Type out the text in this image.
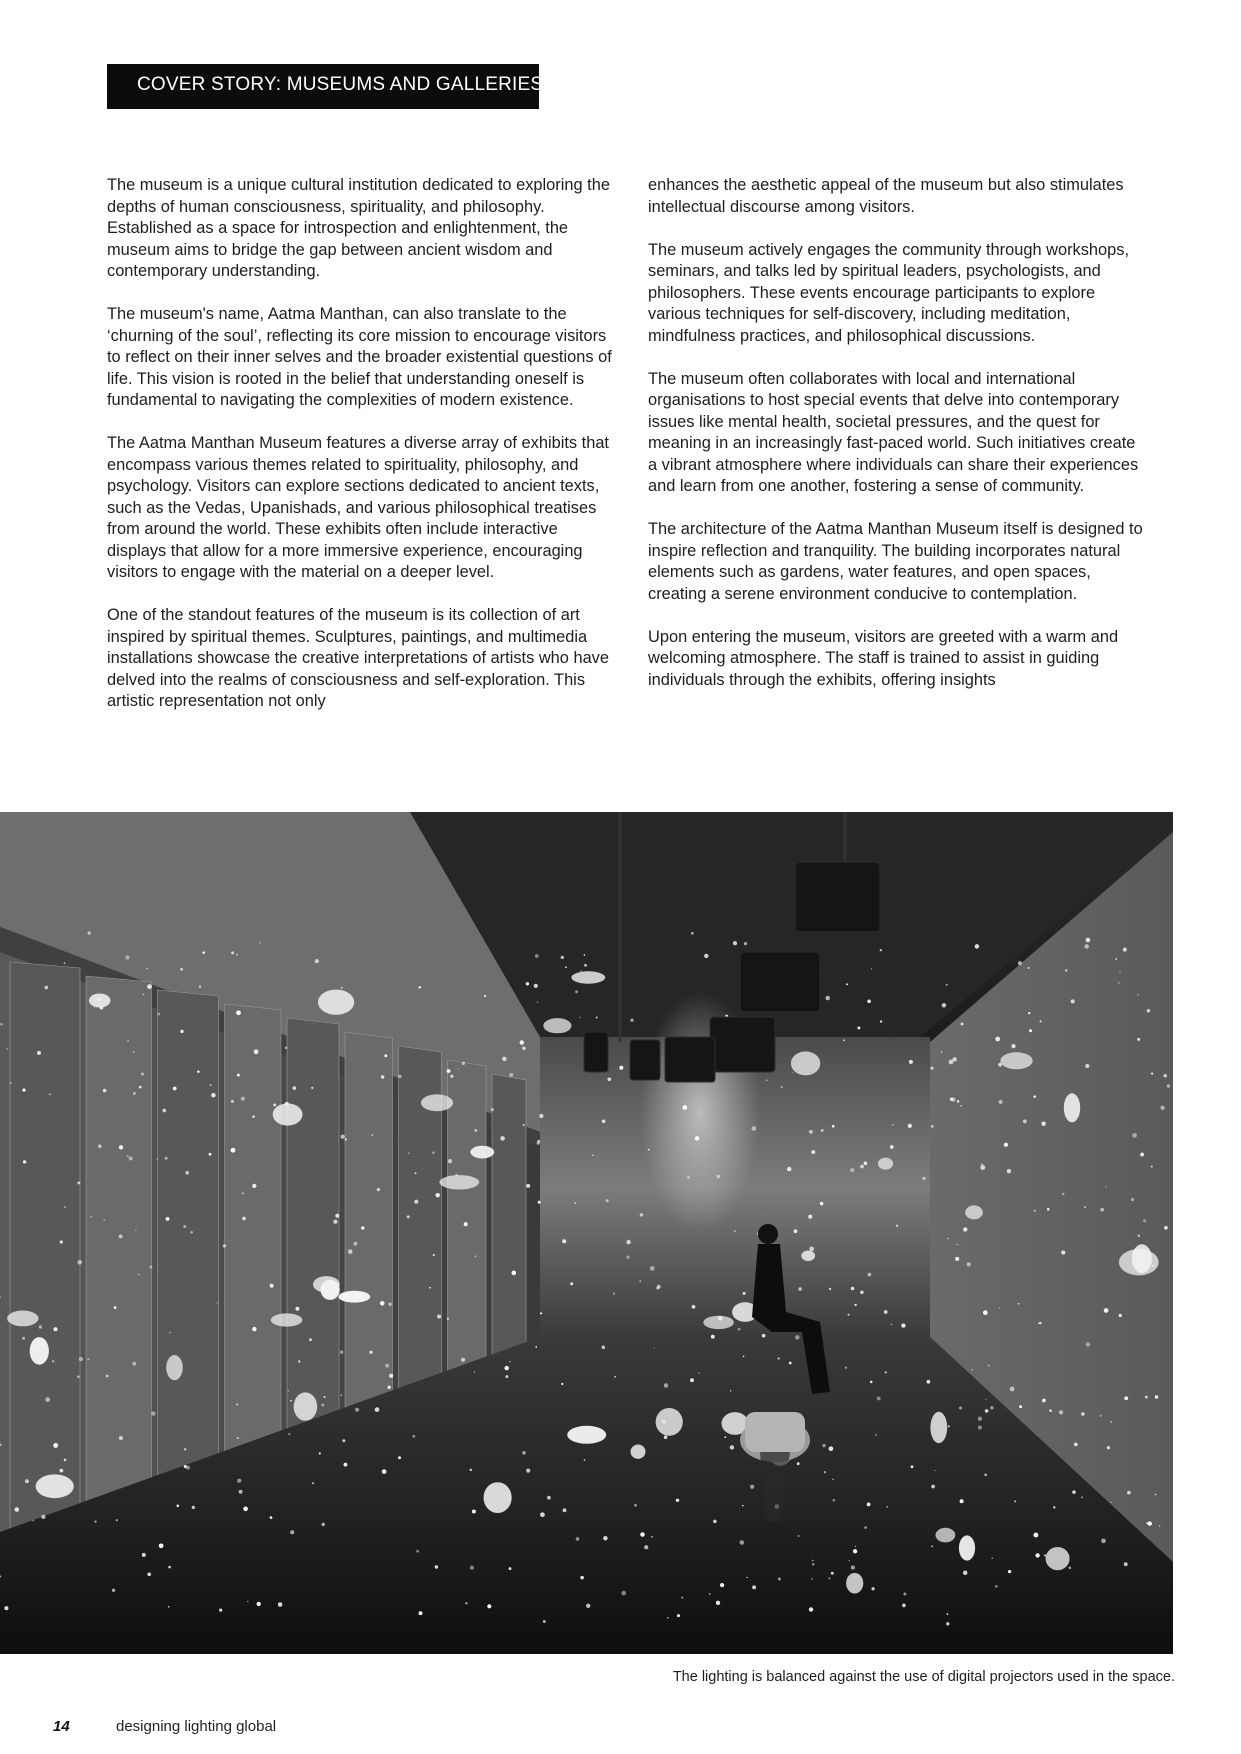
COVER STORY: MUSEUMS AND GALLERIES

The museum is a unique cultural institution dedicated to exploring the depths of human consciousness, spirituality, and philosophy. Established as a space for introspection and enlightenment, the museum aims to bridge the gap between ancient wisdom and contemporary understanding.

The museum's name, Aatma Manthan, can also translate to the ‘churning of the soul’, reflecting its core mission to encourage visitors to reflect on their inner selves and the broader existential questions of life. This vision is rooted in the belief that understanding oneself is fundamental to navigating the complexities of modern existence.

The Aatma Manthan Museum features a diverse array of exhibits that encompass various themes related to spirituality, philosophy, and psychology. Visitors can explore sections dedicated to ancient texts, such as the Vedas, Upanishads, and various philosophical treatises from around the world. These exhibits often include interactive displays that allow for a more immersive experience, encouraging visitors to engage with the material on a deeper level.

One of the standout features of the museum is its collection of art inspired by spiritual themes. Sculptures, paintings, and multimedia installations showcase the creative interpretations of artists who have delved into the realms of consciousness and self-exploration. This artistic representation not only

enhances the aesthetic appeal of the museum but also stimulates intellectual discourse among visitors.

The museum actively engages the community through workshops, seminars, and talks led by spiritual leaders, psychologists, and philosophers. These events encourage participants to explore various techniques for self-discovery, including meditation, mindfulness practices, and philosophical discussions.

The museum often collaborates with local and international organisations to host special events that delve into contemporary issues like mental health, societal pressures, and the quest for meaning in an increasingly fast-paced world. Such initiatives create a vibrant atmosphere where individuals can share their experiences and learn from one another, fostering a sense of community.

The architecture of the Aatma Manthan Museum itself is designed to inspire reflection and tranquility. The building incorporates natural elements such as gardens, water features, and open spaces, creating a serene environment conducive to contemplation.

Upon entering the museum, visitors are greeted with a warm and welcoming atmosphere. The staff is trained to assist in guiding individuals through the exhibits, offering insights

The lighting is balanced against the use of digital projectors used in the space.
14	designing lighting global
